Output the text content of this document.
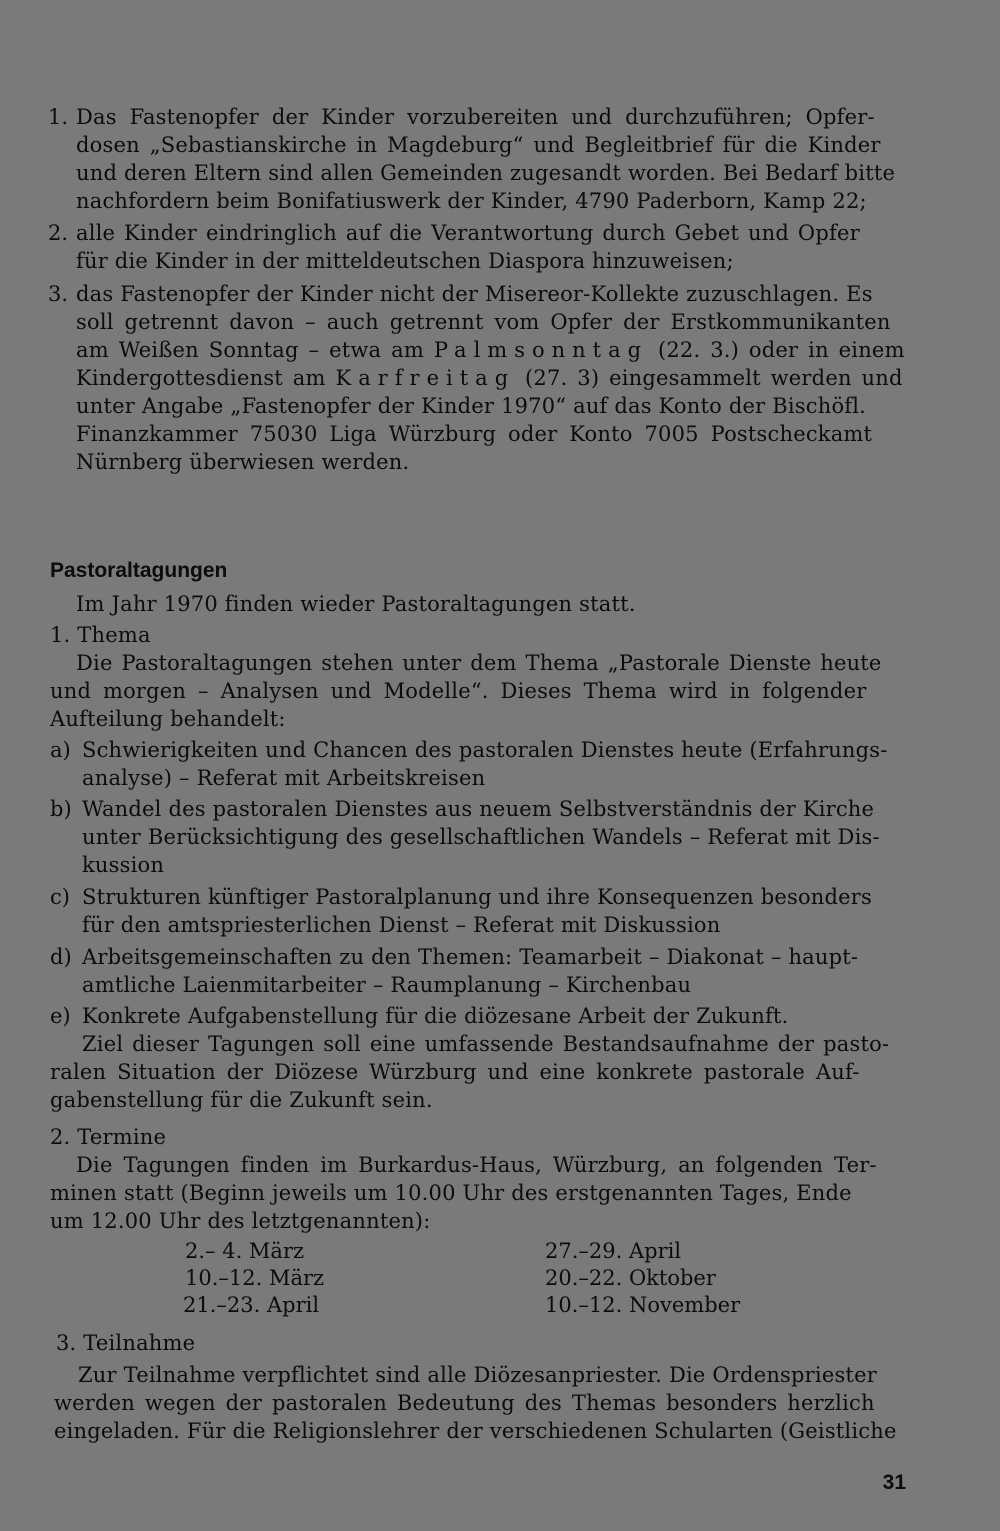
1. Das Fastenopfer der Kinder vorzubereiten und durchzuführen; Opfer-
dosen „Sebastianskirche in Magdeburg“ und Begleitbrief für die Kinder
und deren Eltern sind allen Gemeinden zugesandt worden. Bei Bedarf bitte
nachfordern beim Bonifatiuswerk der Kinder, 4790 Paderborn, Kamp 22;
2. alle Kinder eindringlich auf die Verantwortung durch Gebet und Opfer
für die Kinder in der mitteldeutschen Diaspora hinzuweisen;
3. das Fastenopfer der Kinder nicht der Misereor-Kollekte zuzuschlagen. Es
soll getrennt davon – auch getrennt vom Opfer der Erstkommunikanten
am Weißen Sonntag – etwa am Palmsonntag (22. 3.) oder in einem
Kindergottesdienst am Karfreitag (27. 3) eingesammelt werden und
unter Angabe „Fastenopfer der Kinder 1970“ auf das Konto der Bischöfl.
Finanzkammer 75030 Liga Würzburg oder Konto 7005 Postscheckamt
Nürnberg überwiesen werden.
Pastoraltagungen
Im Jahr 1970 finden wieder Pastoraltagungen statt.
1. Thema
Die Pastoraltagungen stehen unter dem Thema „Pastorale Dienste heute
und morgen – Analysen und Modelle“. Dieses Thema wird in folgender
Aufteilung behandelt:
a) Schwierigkeiten und Chancen des pastoralen Dienstes heute (Erfahrungs-
analyse) – Referat mit Arbeitskreisen
b) Wandel des pastoralen Dienstes aus neuem Selbstverständnis der Kirche
unter Berücksichtigung des gesellschaftlichen Wandels – Referat mit Dis-
kussion
c) Strukturen künftiger Pastoralplanung und ihre Konsequenzen besonders
für den amtspriesterlichen Dienst – Referat mit Diskussion
d) Arbeitsgemeinschaften zu den Themen: Teamarbeit – Diakonat – haupt-
amtliche Laienmitarbeiter – Raumplanung – Kirchenbau
e) Konkrete Aufgabenstellung für die diözesane Arbeit der Zukunft.
Ziel dieser Tagungen soll eine umfassende Bestandsaufnahme der pasto-
ralen Situation der Diözese Würzburg und eine konkrete pastorale Auf-
gabenstellung für die Zukunft sein.
2. Termine
Die Tagungen finden im Burkardus-Haus, Würzburg, an folgenden Ter-
minen statt (Beginn jeweils um 10.00 Uhr des erstgenannten Tages, Ende
um 12.00 Uhr des letztgenannten):
2.– 4. März
10.–12. März
21.–23. April
27.–29. April
20.–22. Oktober
10.–12. November
3. Teilnahme
Zur Teilnahme verpflichtet sind alle Diözesanpriester. Die Ordenspriester
werden wegen der pastoralen Bedeutung des Themas besonders herzlich
eingeladen. Für die Religionslehrer der verschiedenen Schularten (Geistliche
31
